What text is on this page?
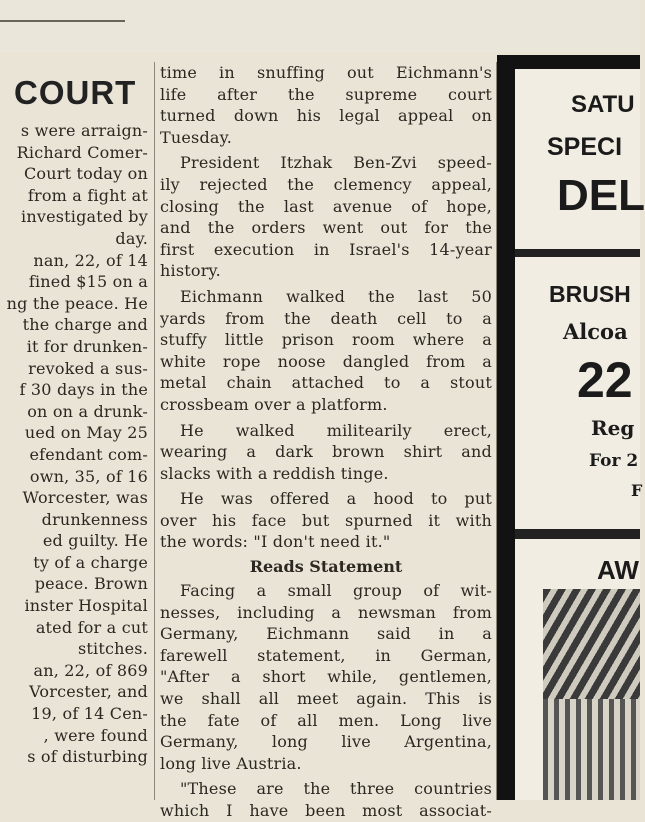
COURT
s were arraign-
Richard Comer-
Court today on
from a fight at
investigated by
day.
nan, 22, of 14
fined $15 on a
ng the peace. He
the charge and
it for drunken-
revoked a sus-
f 30 days in the
on on a drunk-
ued on May 25
efendant com-
own, 35, of 16
Worcester, was
drunkenness
ed guilty. He
ty of a charge
peace. Brown
inster Hospital
ated for a cut
stitches.
an, 22, of 869
Vorcester, and
19, of 14 Cen-
, were found
s of disturbing
time in snuffing out Eichmann's
life after the supreme court
turned down his legal appeal on
Tuesday.
President Itzhak Ben-Zvi speed-
ily rejected the clemency appeal,
closing the last avenue of hope,
and the orders went out for the
first execution in Israel's 14-year
history.
Eichmann walked the last 50
yards from the death cell to a
stuffy little prison room where a
white rope noose dangled from a
metal chain attached to a stout
crossbeam over a platform.
He walked militearily erect,
wearing a dark brown shirt and
slacks with a reddish tinge.
He was offered a hood to put
over his face but spurned it with
the words: "I don't need it."
Reads Statement
Facing a small group of wit-
nesses, including a newsman from
Germany, Eichmann said in a
farewell statement, in German,
"After a short while, gentlemen,
we shall all meet again. This is
the fate of all men. Long live
Germany, long live Argentina,
long live Austria.
"These are the three countries
which I have been most associat-
SATU
SPECI
DEL
BRUSH
Alcoa
22
Reg
For 2
F
AW
